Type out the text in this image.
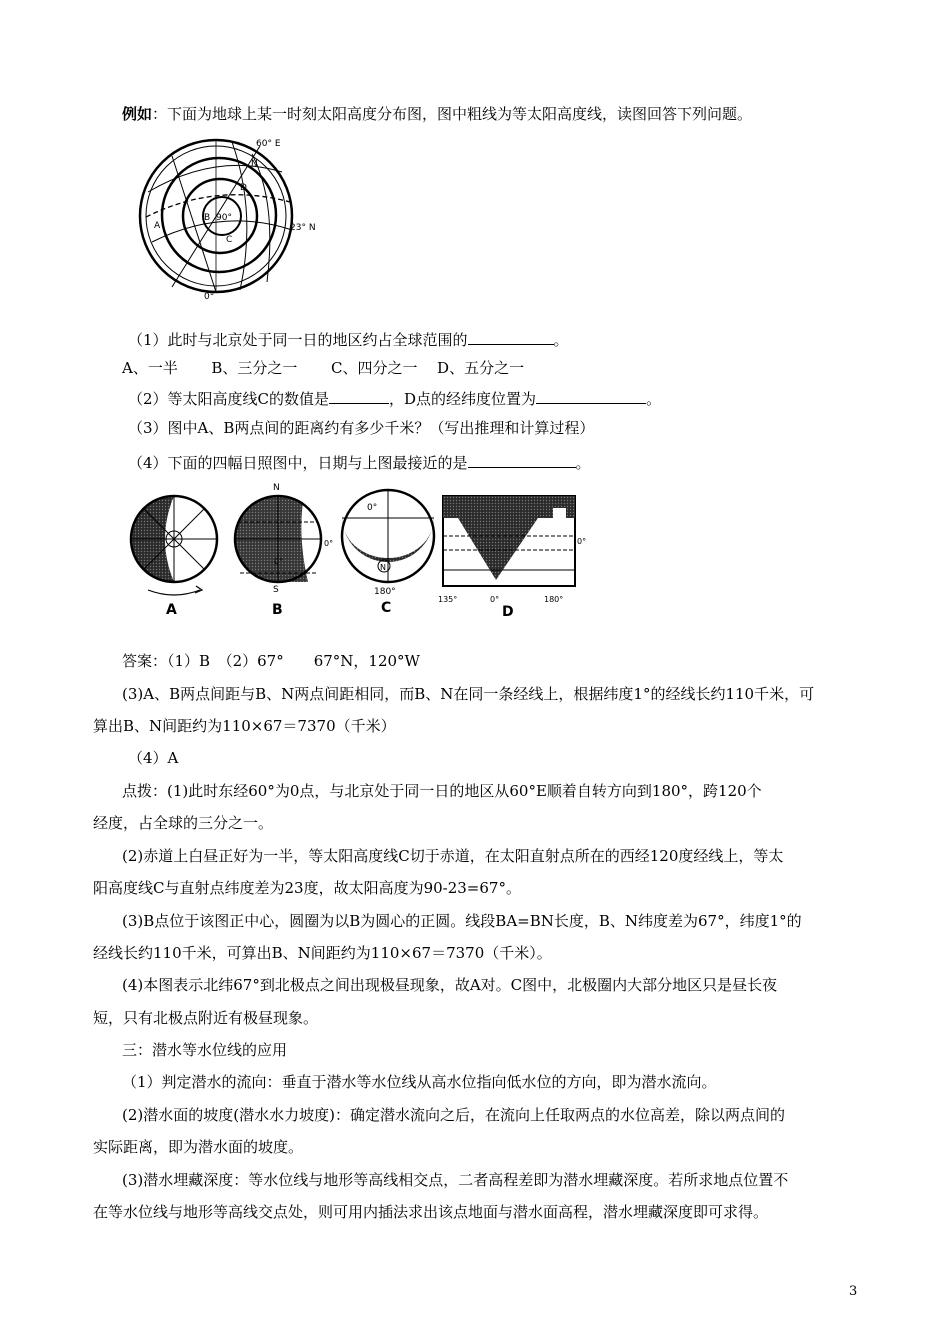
例如：下面为地球上某一时刻太阳高度分布图，图中粗线为等太阳高度线，读图回答下列问题。
60° E
N
D
A
B 90°
C
23° N
0°
（1）此时与北京处于同一日的地区约占全球范围的	。
A、一半 B、三分之一 C、四分之一 D、五分之一
（2）等太阳高度线C的数值是	，D点的经纬度位置为	。
（3）图中A、B两点间的距离约有多少千米？（写出推理和计算过程）
（4）下面的四幅日照图中，日期与上图最接近的是	。
A
N
S
0°
0°
B
0°
N
180°
C
135°	0°	180°
0°
D
答案：（1）B　（2）67°　　67°N，120°W
(3)A、B两点间距与B、N两点间距相同，而B、N在同一条经线上，根据纬度1°的经线长约110千米，可
算出B、N间距约为110×67＝7370（千米）
（4）A
点拨：(1)此时东经60°为0点，与北京处于同一日的地区从60°E顺着自转方向到180°，跨120个
经度，占全球的三分之一。
(2)赤道上白昼正好为一半，等太阳高度线C切于赤道，在太阳直射点所在的西经120度经线上，等太
阳高度线C与直射点纬度差为23度，故太阳高度为90-23=67°。
(3)B点位于该图正中心，圆圈为以B为圆心的正圆。线段BA=BN长度，B、N纬度差为67°，纬度1°的
经线长约110千米，可算出B、N间距约为110×67＝7370（千米）。
(4)本图表示北纬67°到北极点之间出现极昼现象，故A对。C图中，北极圈内大部分地区只是昼长夜
短，只有北极点附近有极昼现象。
三：潜水等水位线的应用
（1）判定潜水的流向：垂直于潜水等水位线从高水位指向低水位的方向，即为潜水流向。
(2)潜水面的坡度(潜水水力坡度)：确定潜水流向之后，在流向上任取两点的水位高差，除以两点间的
实际距离，即为潜水面的坡度。
(3)潜水埋藏深度：等水位线与地形等高线相交点，二者高程差即为潜水埋藏深度。若所求地点位置不
在等水位线与地形等高线交点处，则可用内插法求出该点地面与潜水面高程，潜水埋藏深度即可求得。
3
